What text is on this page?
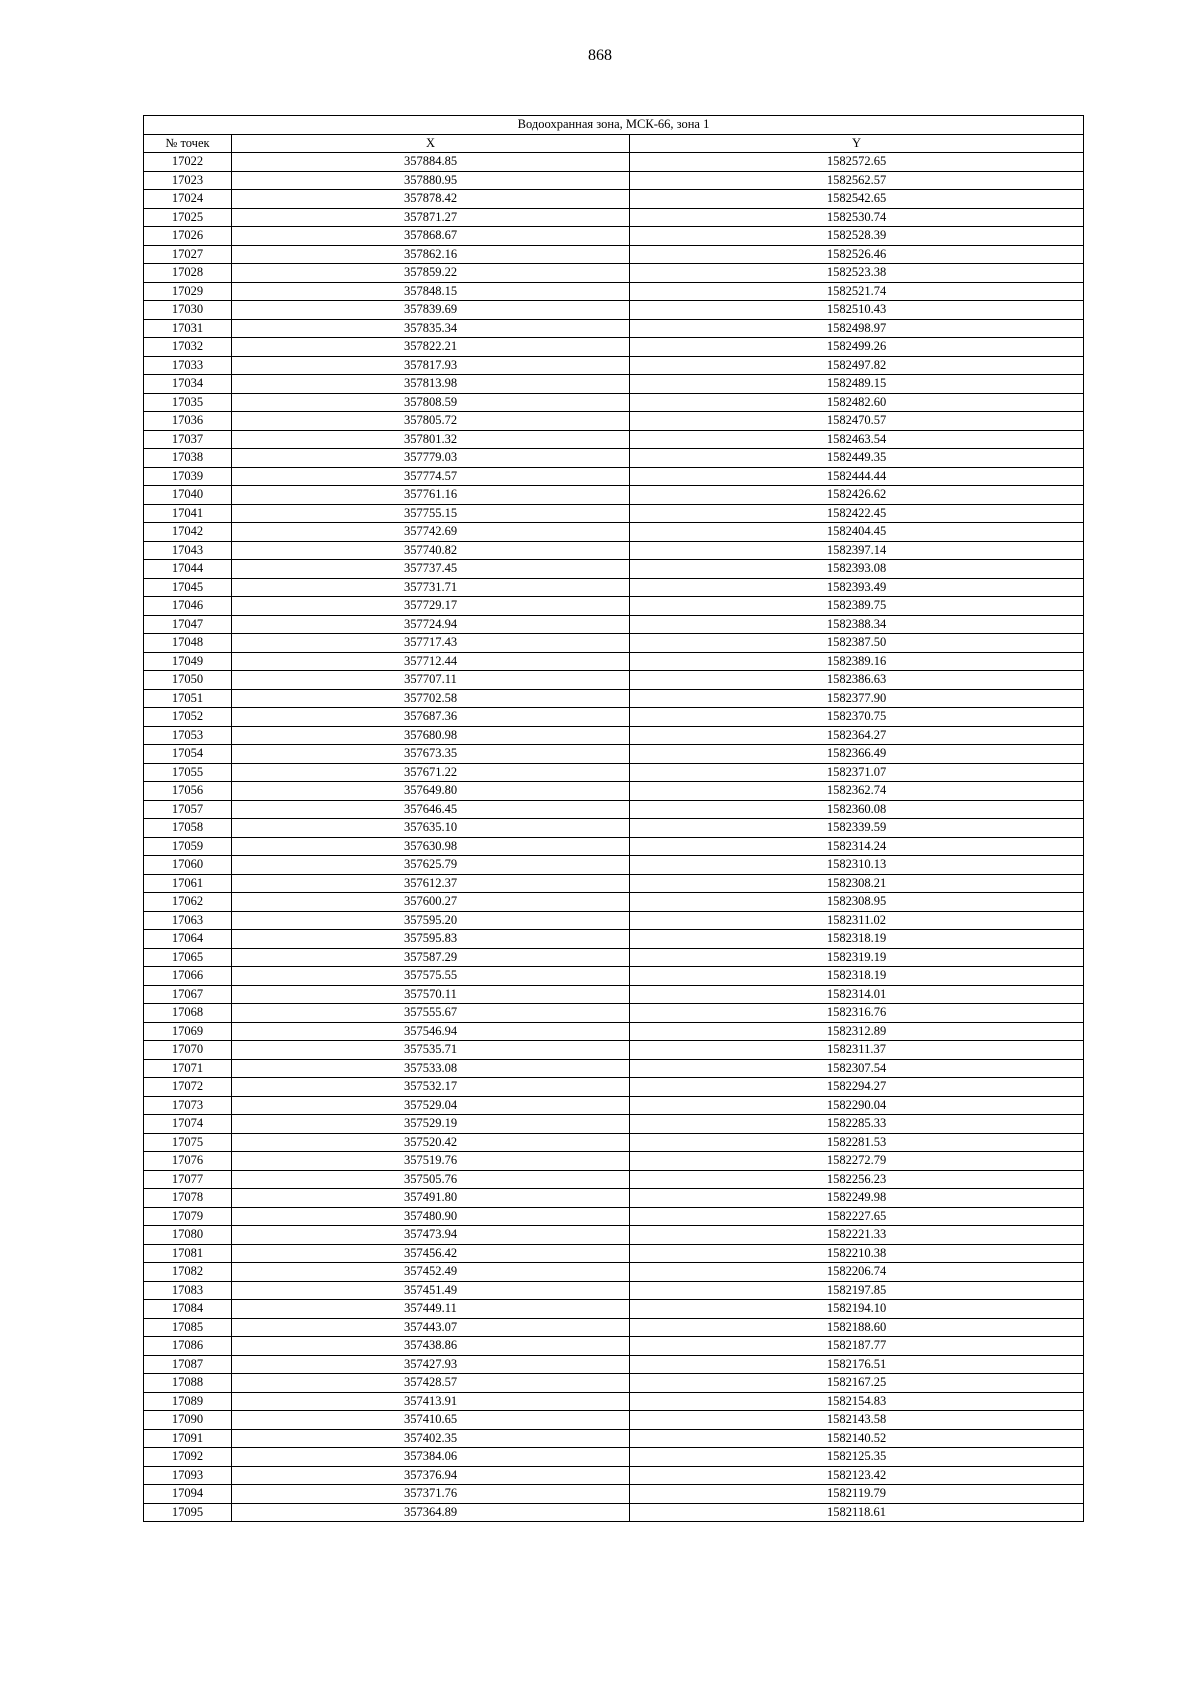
868
Водоохранная зона, МСК-66, зона 1		
№ точек	X	Y
17022	357884.85	1582572.65
17023	357880.95	1582562.57
17024	357878.42	1582542.65
17025	357871.27	1582530.74
17026	357868.67	1582528.39
17027	357862.16	1582526.46
17028	357859.22	1582523.38
17029	357848.15	1582521.74
17030	357839.69	1582510.43
17031	357835.34	1582498.97
17032	357822.21	1582499.26
17033	357817.93	1582497.82
17034	357813.98	1582489.15
17035	357808.59	1582482.60
17036	357805.72	1582470.57
17037	357801.32	1582463.54
17038	357779.03	1582449.35
17039	357774.57	1582444.44
17040	357761.16	1582426.62
17041	357755.15	1582422.45
17042	357742.69	1582404.45
17043	357740.82	1582397.14
17044	357737.45	1582393.08
17045	357731.71	1582393.49
17046	357729.17	1582389.75
17047	357724.94	1582388.34
17048	357717.43	1582387.50
17049	357712.44	1582389.16
17050	357707.11	1582386.63
17051	357702.58	1582377.90
17052	357687.36	1582370.75
17053	357680.98	1582364.27
17054	357673.35	1582366.49
17055	357671.22	1582371.07
17056	357649.80	1582362.74
17057	357646.45	1582360.08
17058	357635.10	1582339.59
17059	357630.98	1582314.24
17060	357625.79	1582310.13
17061	357612.37	1582308.21
17062	357600.27	1582308.95
17063	357595.20	1582311.02
17064	357595.83	1582318.19
17065	357587.29	1582319.19
17066	357575.55	1582318.19
17067	357570.11	1582314.01
17068	357555.67	1582316.76
17069	357546.94	1582312.89
17070	357535.71	1582311.37
17071	357533.08	1582307.54
17072	357532.17	1582294.27
17073	357529.04	1582290.04
17074	357529.19	1582285.33
17075	357520.42	1582281.53
17076	357519.76	1582272.79
17077	357505.76	1582256.23
17078	357491.80	1582249.98
17079	357480.90	1582227.65
17080	357473.94	1582221.33
17081	357456.42	1582210.38
17082	357452.49	1582206.74
17083	357451.49	1582197.85
17084	357449.11	1582194.10
17085	357443.07	1582188.60
17086	357438.86	1582187.77
17087	357427.93	1582176.51
17088	357428.57	1582167.25
17089	357413.91	1582154.83
17090	357410.65	1582143.58
17091	357402.35	1582140.52
17092	357384.06	1582125.35
17093	357376.94	1582123.42
17094	357371.76	1582119.79
17095	357364.89	1582118.61
